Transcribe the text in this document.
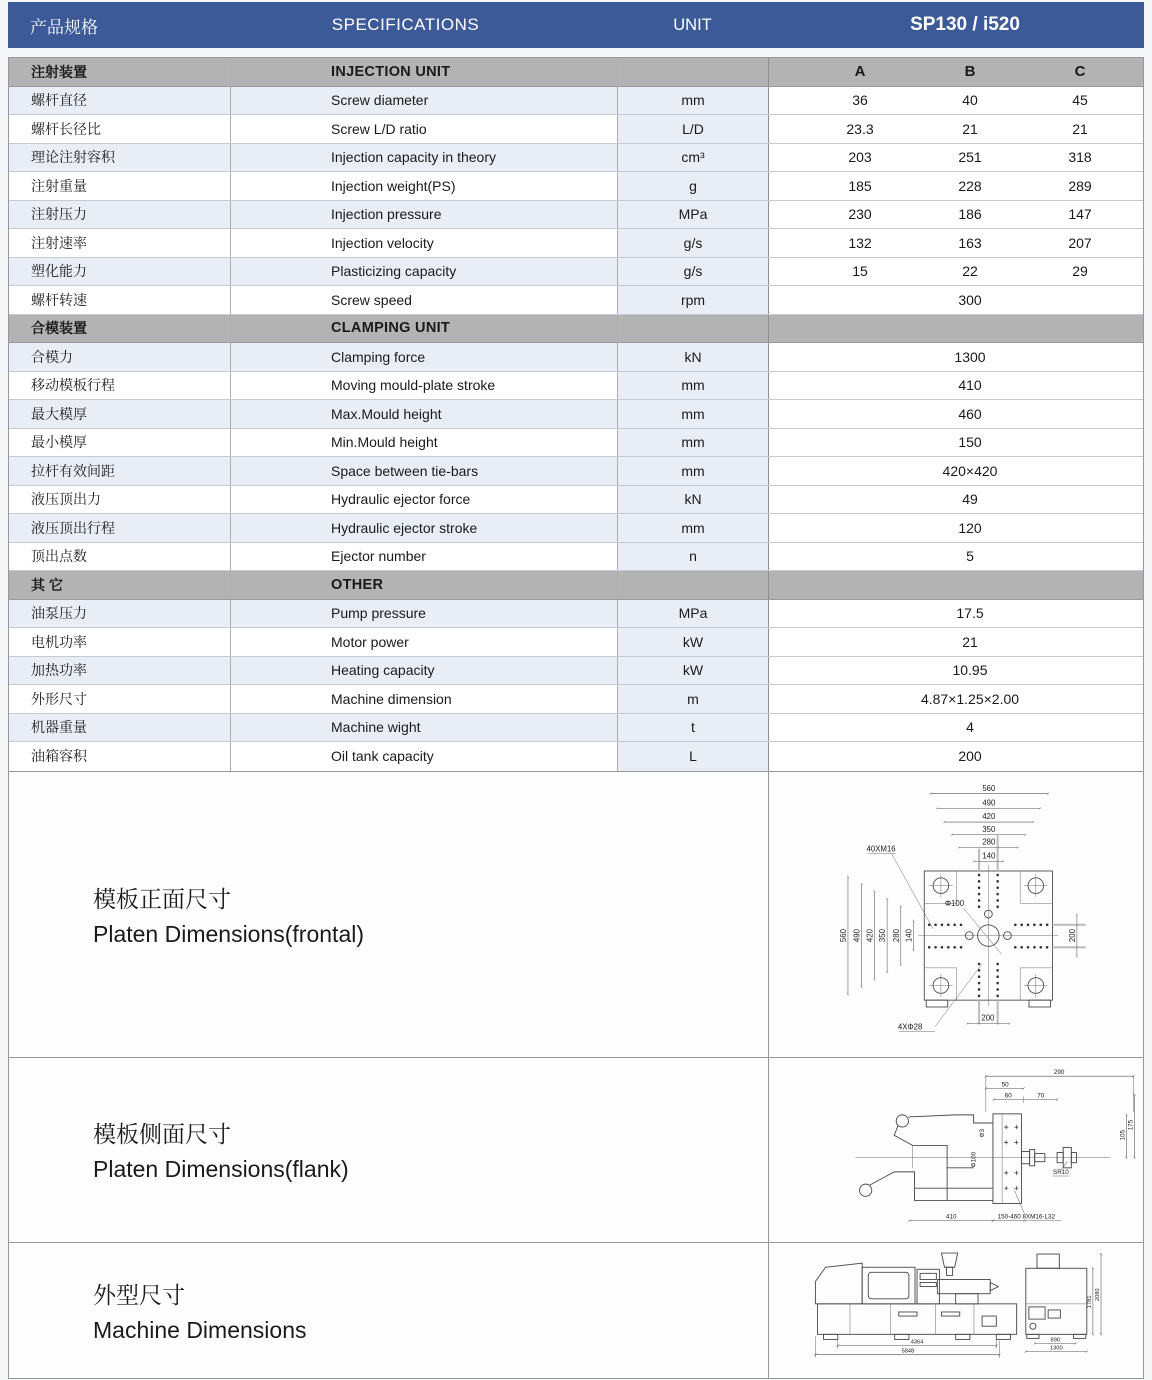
产品规格	SPECIFICATIONS	UNIT	SP130 / i520
注射装置	INJECTION UNIT	A	B	C
螺杆直径	Screw diameter	mm	36	40	45
螺杆长径比	Screw L/D ratio	L/D	23.3	21	21
理论注射容积	Injection capacity in theory	cm³	203	251	318
注射重量	Injection weight(PS)	g	185	228	289
注射压力	Injection pressure	MPa	230	186	147
注射速率	Injection velocity	g/s	132	163	207
塑化能力	Plasticizing capacity	g/s	15	22	29
螺杆转速	Screw speed	rpm	300
合模装置	CLAMPING UNIT
合模力	Clamping force	kN	1300
移动模板行程	Moving mould-plate stroke	mm	410
最大模厚	Max.Mould height	mm	460
最小模厚	Min.Mould height	mm	150
拉杆有效间距	Space between tie-bars	mm	420×420
液压顶出力	Hydraulic ejector force	kN	49
液压顶出行程	Hydraulic ejector stroke	mm	120
顶出点数	Ejector number	n	5
其 它	OTHER
油泵压力	Pump pressure	MPa	17.5
电机功率	Motor power	kW	21
加热功率	Heating capacity	kW	10.95
外形尺寸	Machine dimension	m	4.87×1.25×2.00
机器重量	Machine wight	t	4
油箱容积	Oil tank capacity	L	200
模板正面尺寸
Platen Dimensions(frontal)
560
490
420
350
280
140
560 490 420 350 280 140	200
200
40XM16
Φ100
4XΦ28
模板侧面尺寸
Platen Dimensions(flank)
290
50
60	70
105
175
410	150-460
Φ3
Φ100
SR10
8XM16-L32
外型尺寸
Machine Dimensions	4364
5848
890
1300
1781
2080
